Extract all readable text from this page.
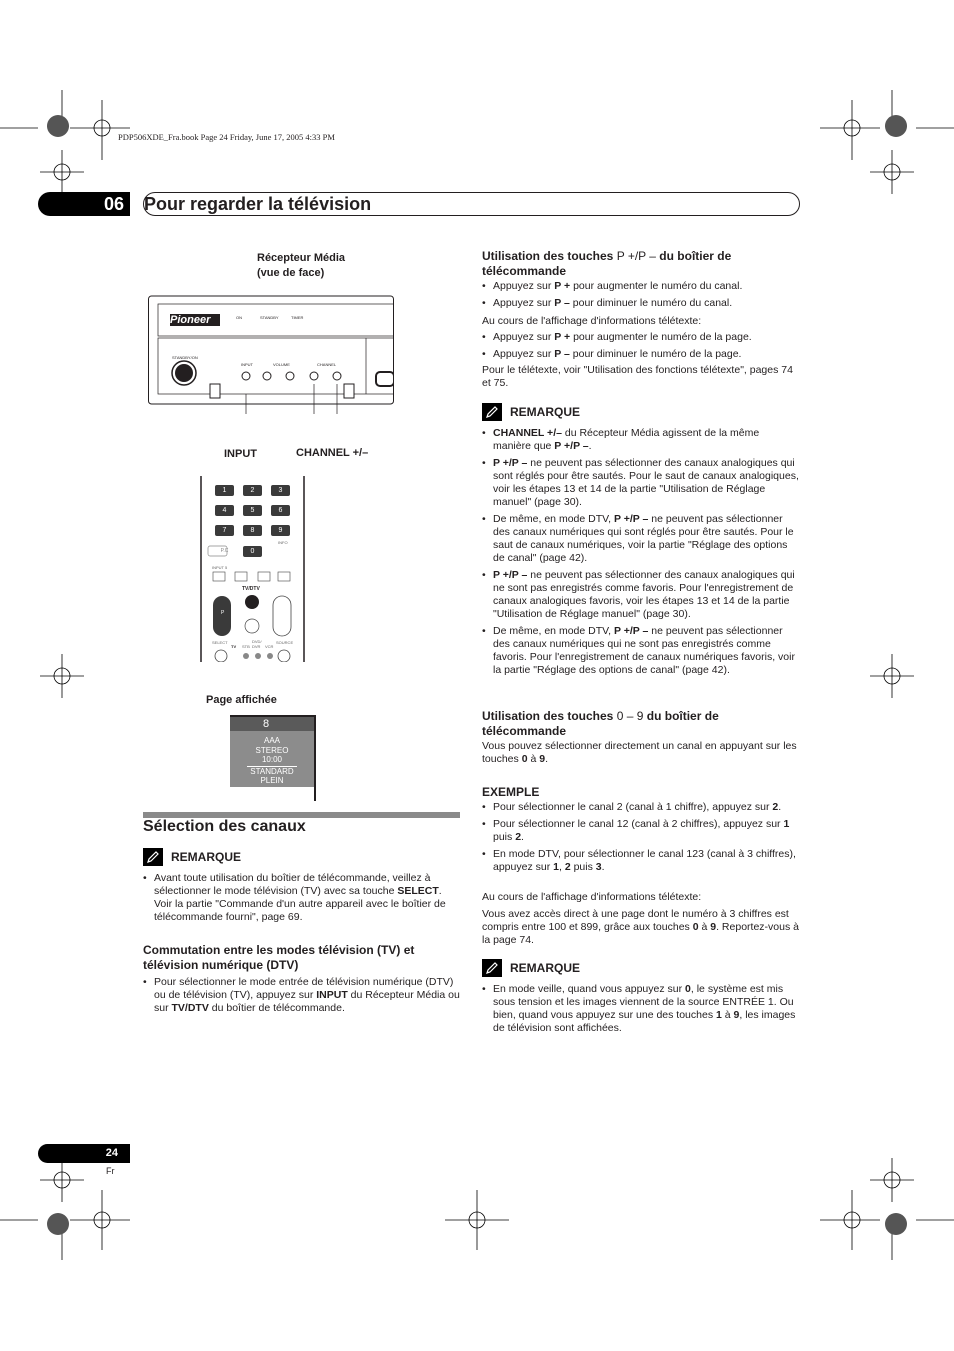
PDP506XDE_Fra.book Page 24 Friday, June 17, 2005 4:33 PM
06	Pour regarder la télévision
Récepteur Média
(vue de face)
Pioneer	ON	STANDBY	TIMER
STANDBY/ON
INPUT	VOLUME	CHANNEL
INPUT	CHANNEL +/–
1	2	3
4	5	6
7	8	9
P.C	0
INFO
INPUT 5
TV/DTV
P
SELECT
TV STB
DVD/ DVR	VCR
SOURCE
Page affichée
8
AAA
STEREO
10:00
STANDARD
PLEIN
Sélection des canaux
REMARQUE
• Avant toute utilisation du boîtier de télécommande, veillez à sélectionner le mode télévision (TV) avec sa touche SELECT. Voir la partie "Commande d'un autre appareil avec le boîtier de télécommande fourni", page 69.
Commutation entre les modes télévision (TV) et télévision numérique (DTV)
• Pour sélectionner le mode entrée de télévision numérique (DTV) ou de télévision (TV), appuyez sur INPUT du Récepteur Média ou sur TV/DTV du boîtier de télécommande.
Utilisation des touches P +/P – du boîtier de télécommande
• Appuyez sur P + pour augmenter le numéro du canal.
• Appuyez sur P – pour diminuer le numéro du canal.

Au cours de l'affichage d'informations télétexte:

• Appuyez sur P + pour augmenter le numéro de la page.
• Appuyez sur P – pour diminuer le numéro de la page.

Pour le télétexte, voir "Utilisation des fonctions télétexte", pages 74 et 75.

REMARQUE
• CHANNEL +/– du Récepteur Média agissent de la même manière que P +/P –.
• P +/P – ne peuvent pas sélectionner des canaux analogiques qui sont réglés pour être sautés. Pour le saut de canaux analogiques, voir les étapes 13 et 14 de la partie "Utilisation de Réglage manuel" (page 30).
• De même, en mode DTV, P +/P – ne peuvent pas sélectionner des canaux numériques qui sont réglés pour être sautés. Pour le saut de canaux numériques, voir la partie "Réglage des options de canal" (page 42).
• P +/P – ne peuvent pas sélectionner des canaux analogiques qui ne sont pas enregistrés comme favoris. Pour l'enregistrement de canaux analogiques favoris, voir les étapes 13 et 14 de la partie "Utilisation de Réglage manuel" (page 30).
• De même, en mode DTV, P +/P – ne peuvent pas sélectionner des canaux numériques qui ne sont pas enregistrés comme favoris. Pour l'enregistrement de canaux numériques favoris, voir la partie "Réglage des options de canal" (page 42).
Utilisation des touches 0 – 9 du boîtier de télécommande

Vous pouvez sélectionner directement un canal en appuyant sur les touches 0 à 9.

EXEMPLE
• Pour sélectionner le canal 2 (canal à 1 chiffre), appuyez sur 2.
• Pour sélectionner le canal 12 (canal à 2 chiffres), appuyez sur 1 puis 2.
• En mode DTV, pour sélectionner le canal 123 (canal à 3 chiffres), appuyez sur 1, 2 puis 3.

Au cours de l'affichage d'informations télétexte:

Vous avez accès direct à une page dont le numéro à 3 chiffres est compris entre 100 et 899, grâce aux touches 0 à 9. Reportez-vous à la page 74.

REMARQUE
• En mode veille, quand vous appuyez sur 0, le système est mis sous tension et les images viennent de la source ENTRÉE 1. Ou bien, quand vous appuyez sur une des touches 1 à 9, les images de télévision sont affichées.
24
Fr
